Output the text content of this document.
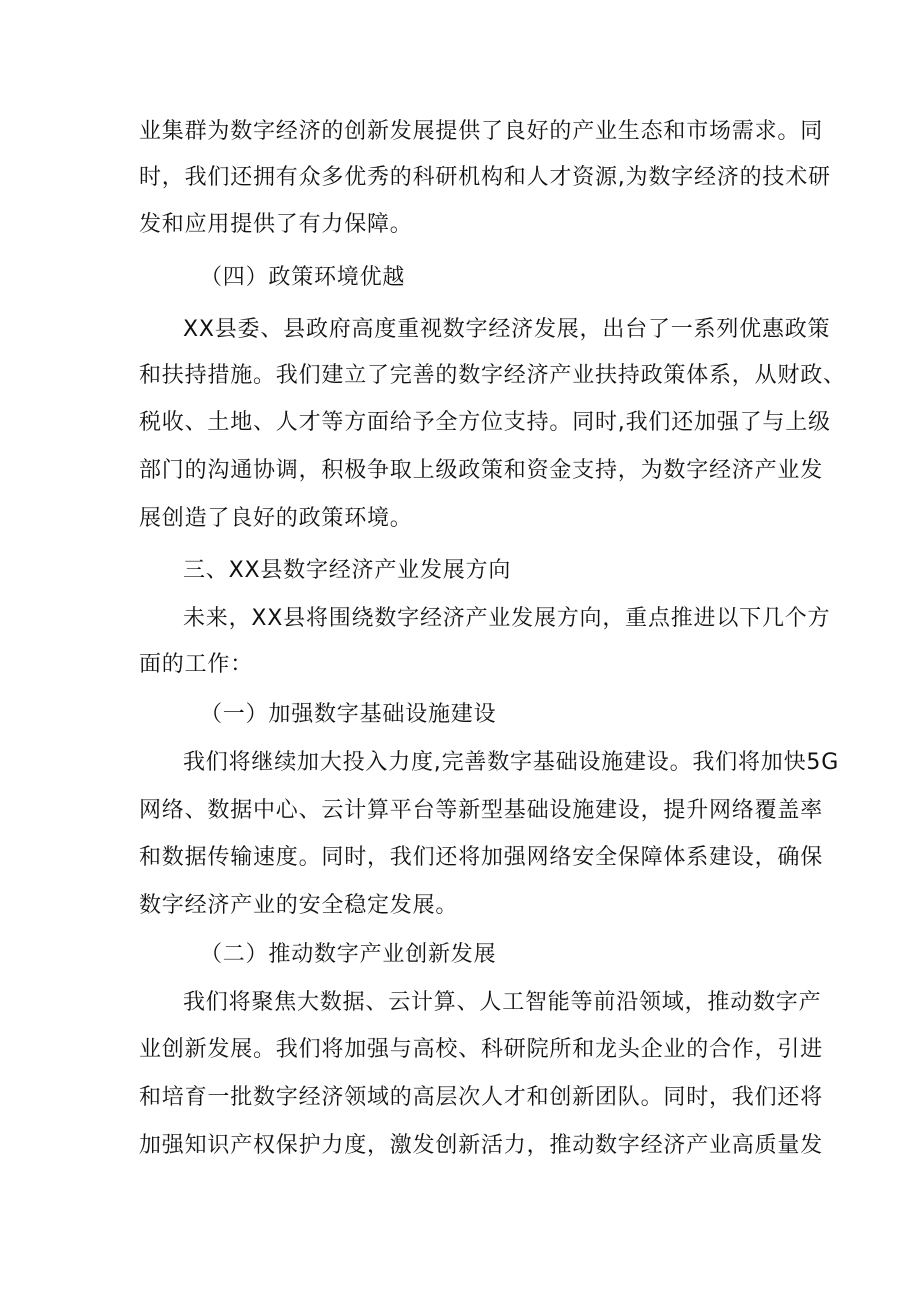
业集群为数字经济的创新发展提供了良好的产业生态和市场需求。同
时，我们还拥有众多优秀的科研机构和人才资源,为数字经济的技术研
发和应用提供了有力保障。
（四）政策环境优越
XX县委、县政府高度重视数字经济发展，出台了一系列优惠政策
和扶持措施。我们建立了完善的数字经济产业扶持政策体系，从财政、
税收、土地、人才等方面给予全方位支持。同时,我们还加强了与上级
部门的沟通协调，积极争取上级政策和资金支持，为数字经济产业发
展创造了良好的政策环境。
三、XX县数字经济产业发展方向
未来，XX县将围绕数字经济产业发展方向，重点推进以下几个方
面的工作：
（一）加强数字基础设施建设
我们将继续加大投入力度,完善数字基础设施建设。我们将加快5G
网络、数据中心、云计算平台等新型基础设施建设，提升网络覆盖率
和数据传输速度。同时，我们还将加强网络安全保障体系建设，确保
数字经济产业的安全稳定发展。
（二）推动数字产业创新发展
我们将聚焦大数据、云计算、人工智能等前沿领域，推动数字产
业创新发展。我们将加强与高校、科研院所和龙头企业的合作，引进
和培育一批数字经济领域的高层次人才和创新团队。同时，我们还将
加强知识产权保护力度，激发创新活力，推动数字经济产业高质量发
